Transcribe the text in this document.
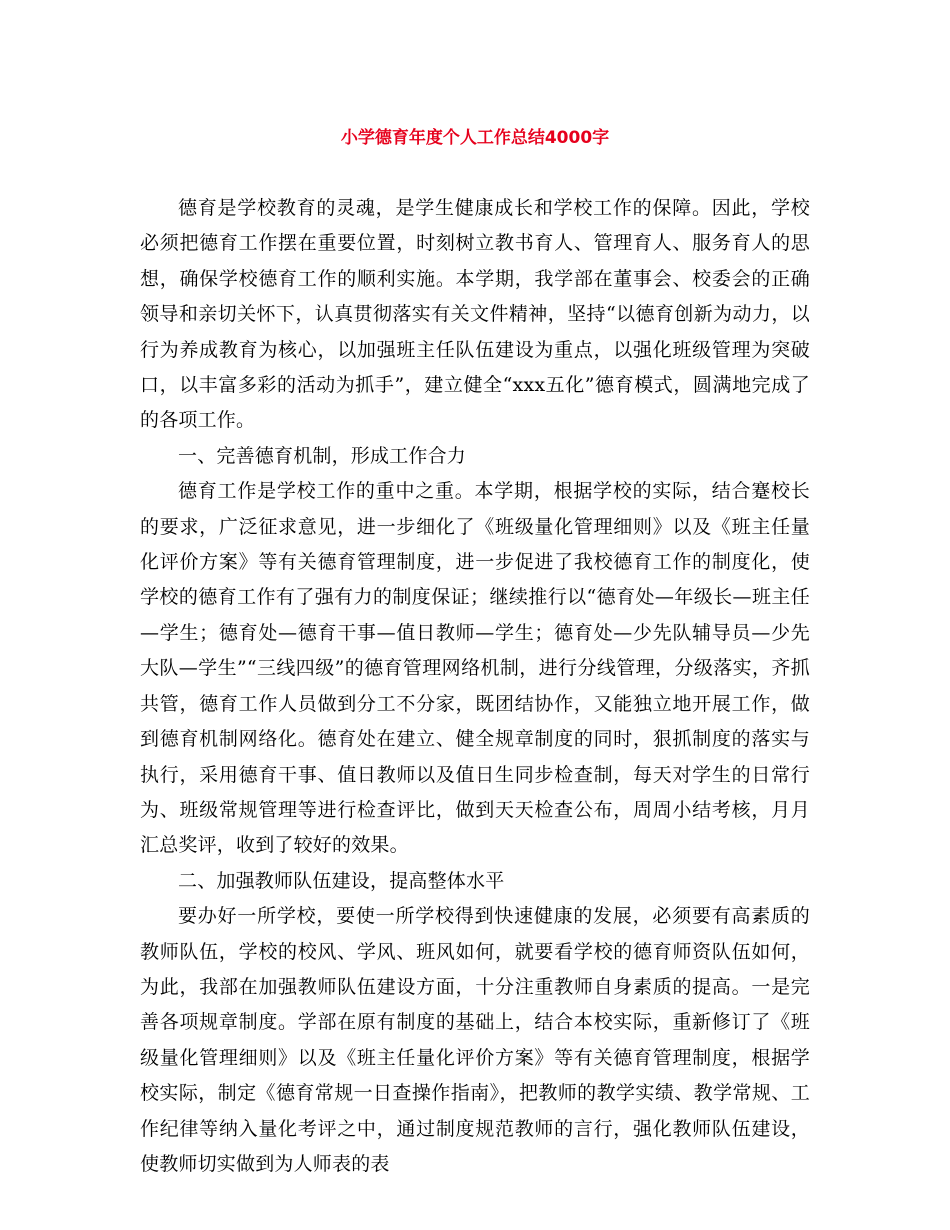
小学德育年度个人工作总结4000字

德育是学校教育的灵魂，是学生健康成长和学校工作的保障。因此，学校必须把德育工作摆在重要位置，时刻树立教书育人、管理育人、服务育人的思想，确保学校德育工作的顺利实施。本学期，我学部在董事会、校委会的正确领导和亲切关怀下，认真贯彻落实有关文件精神，坚持“以德育创新为动力，以行为养成教育为核心，以加强班主任队伍建设为重点，以强化班级管理为突破口，以丰富多彩的活动为抓手”，建立健全“xxx五化”德育模式，圆满地完成了的各项工作。

一、完善德育机制，形成工作合力

德育工作是学校工作的重中之重。本学期，根据学校的实际，结合蹇校长的要求，广泛征求意见，进一步细化了《班级量化管理细则》以及《班主任量化评价方案》等有关德育管理制度，进一步促进了我校德育工作的制度化，使学校的德育工作有了强有力的制度保证；继续推行以“德育处—年级长—班主任—学生；德育处—德育干事—值日教师—学生；德育处—少先队辅导员—少先大队—学生”“三线四级”的德育管理网络机制，进行分线管理，分级落实，齐抓共管，德育工作人员做到分工不分家，既团结协作，又能独立地开展工作，做到德育机制网络化。德育处在建立、健全规章制度的同时，狠抓制度的落实与执行，采用德育干事、值日教师以及值日生同步检查制，每天对学生的日常行为、班级常规管理等进行检查评比，做到天天检查公布，周周小结考核，月月汇总奖评，收到了较好的效果。

二、加强教师队伍建设，提高整体水平

要办好一所学校，要使一所学校得到快速健康的发展，必须要有高素质的教师队伍，学校的校风、学风、班风如何，就要看学校的德育师资队伍如何，为此，我部在加强教师队伍建设方面，十分注重教师自身素质的提高。一是完善各项规章制度。学部在原有制度的基础上，结合本校实际，重新修订了《班级量化管理细则》以及《班主任量化评价方案》等有关德育管理制度，根据学校实际，制定《德育常规一日查操作指南》，把教师的教学实绩、教学常规、工作纪律等纳入量化考评之中，通过制度规范教师的言行，强化教师队伍建设，使教师切实做到为人师表的表
